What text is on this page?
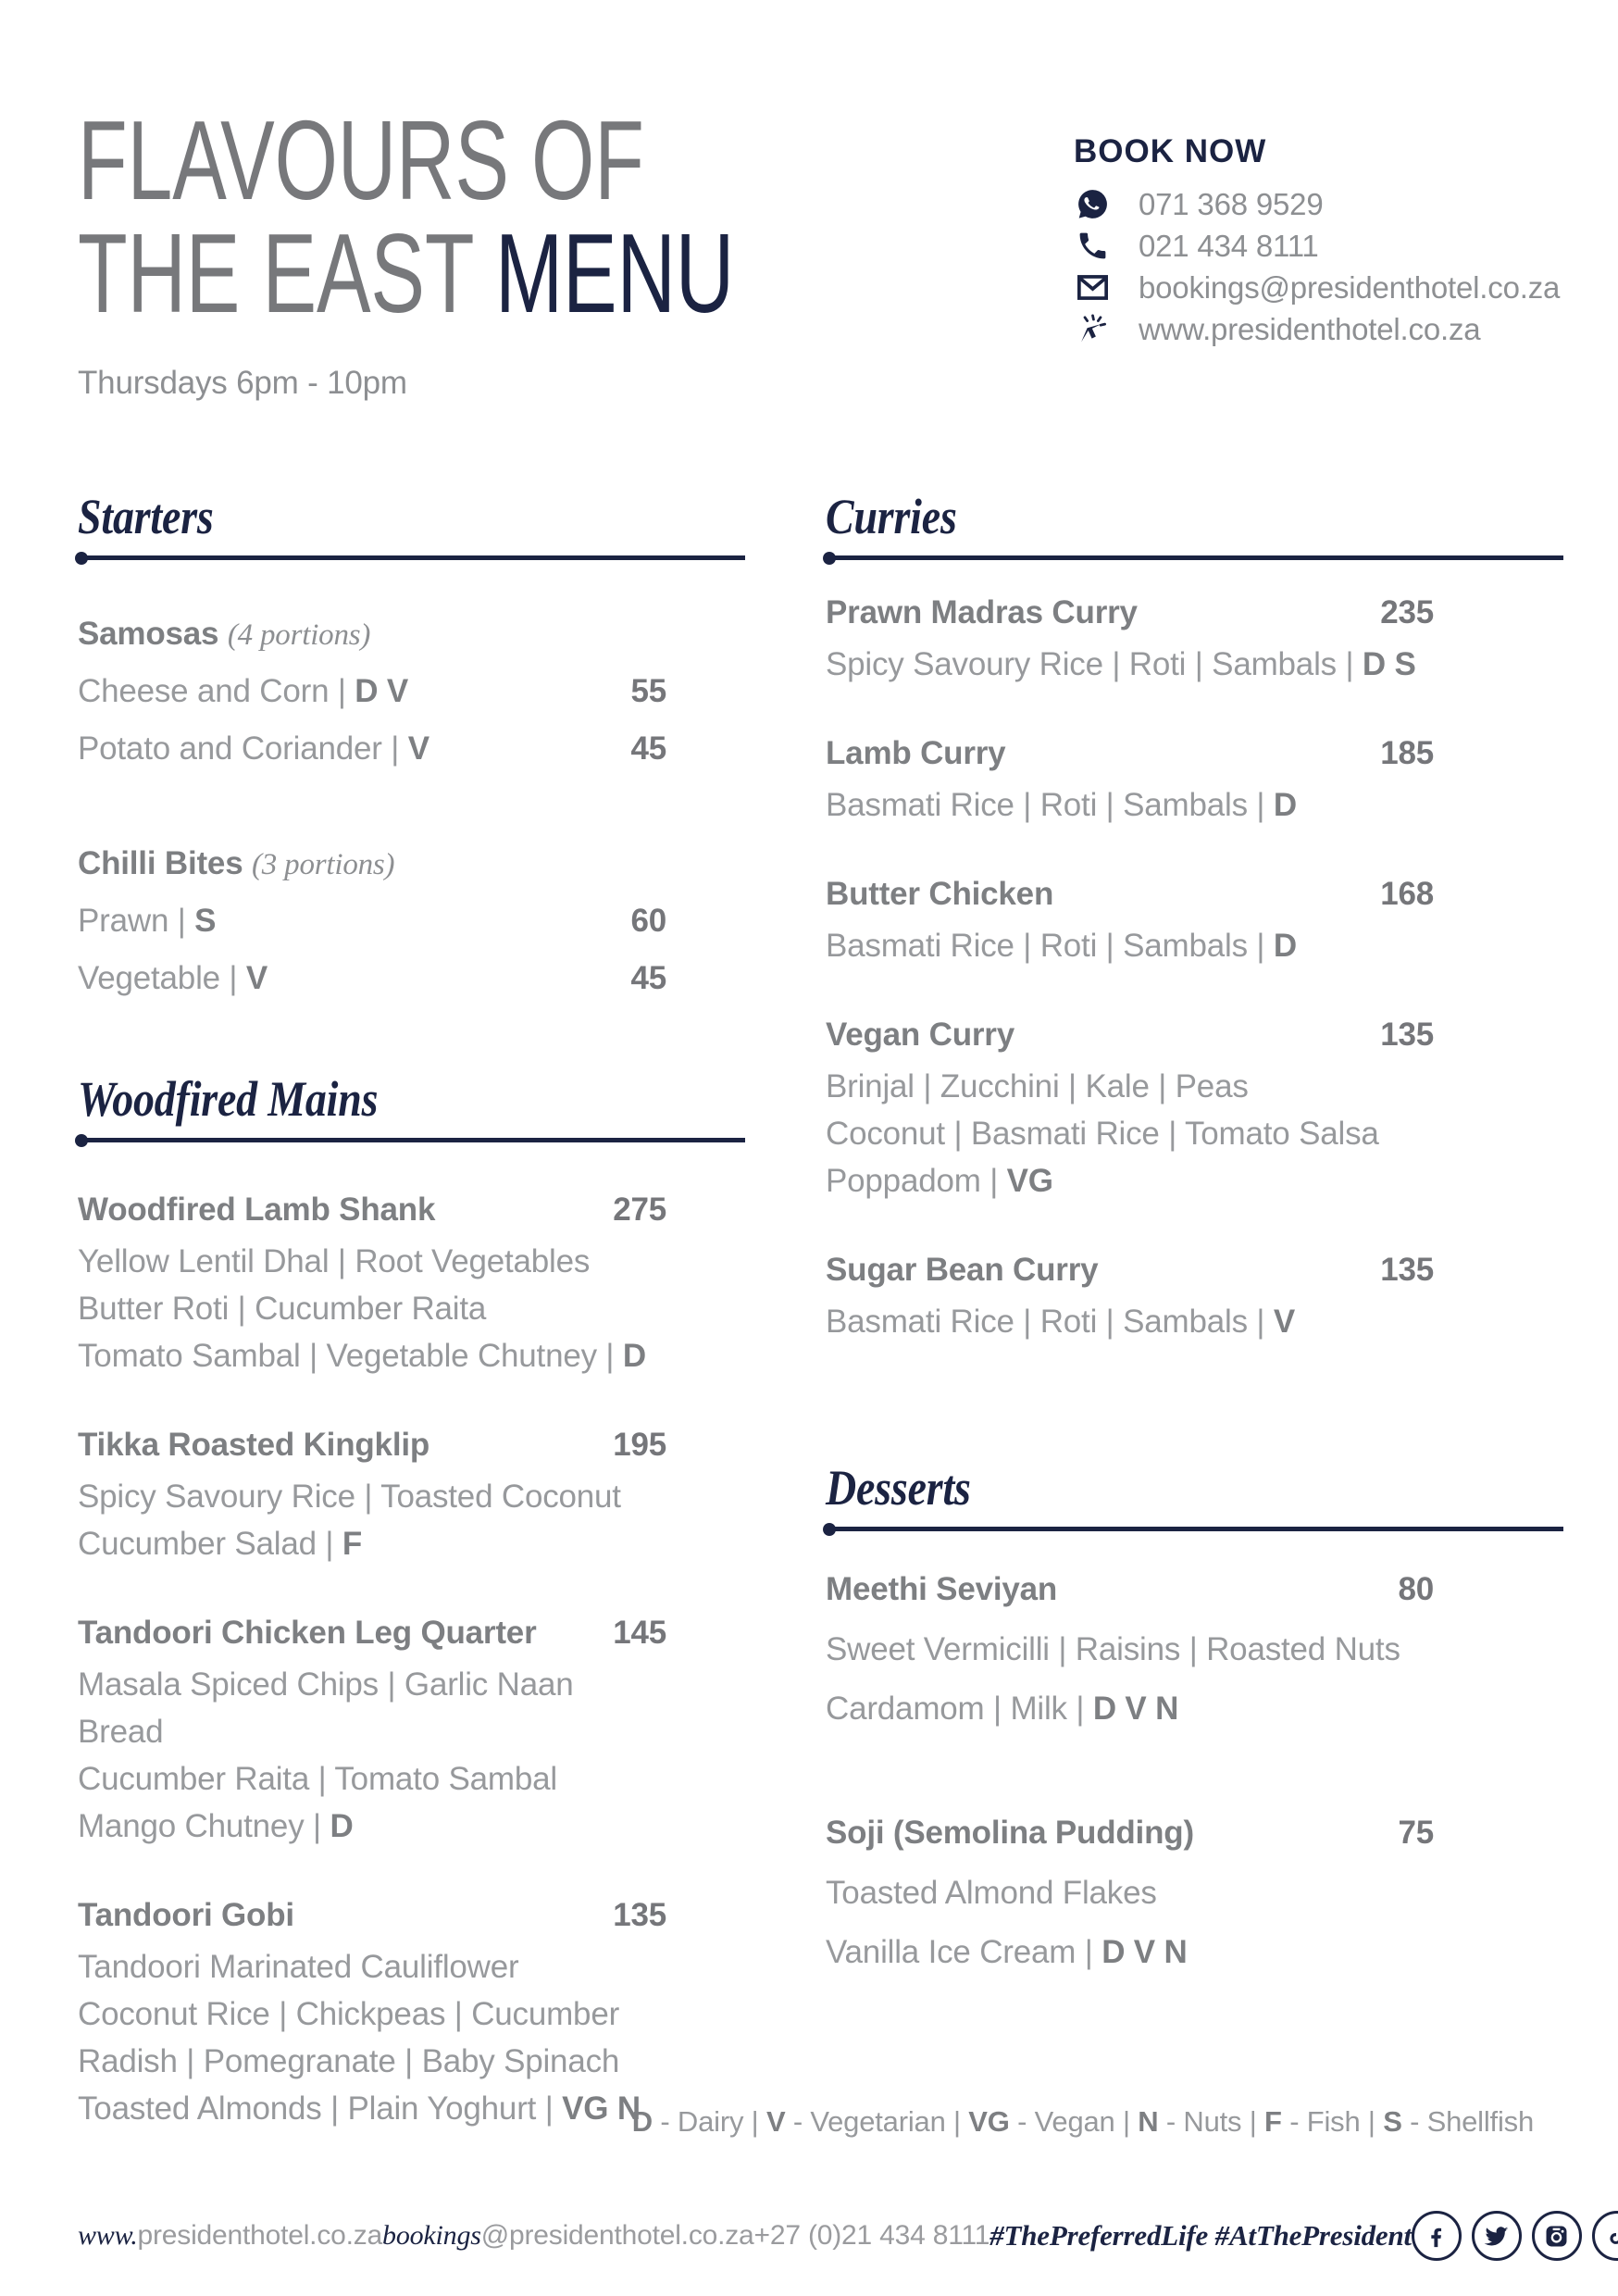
FLAVOURS OF
THE EAST MENU
Thursdays 6pm - 10pm
BOOK NOW
071 368 9529
021 434 8111
bookings@presidenthotel.co.za
www.presidenthotel.co.za
Starters
Samosas (4 portions)
Cheese and Corn | D V	55
Potato and Coriander | V	45
Chilli Bites (3 portions)
Prawn | S	60
Vegetable | V	45
Woodfired Mains
Woodfired Lamb Shank	275

Yellow Lentil Dhal | Root Vegetables

Butter Roti | Cucumber Raita

Tomato Sambal | Vegetable Chutney | D

Tikka Roasted Kingklip	195

Spicy Savoury Rice | Toasted Coconut

Cucumber Salad | F

Tandoori Chicken Leg Quarter 145

Masala Spiced Chips | Garlic Naan Bread

Cucumber Raita | Tomato Sambal

Mango Chutney | D

Tandoori Gobi	135

Tandoori Marinated Cauliflower

Coconut Rice | Chickpeas | Cucumber

Radish | Pomegranate | Baby Spinach

Toasted Almonds | Plain Yoghurt | VG N

Curries
Prawn Madras Curry	235

Spicy Savoury Rice | Roti | Sambals | D S

Lamb Curry	185

Basmati Rice | Roti | Sambals | D

Butter Chicken	168

Basmati Rice | Roti | Sambals | D

Vegan Curry	135

Brinjal | Zucchini | Kale | Peas

Coconut | Basmati Rice | Tomato Salsa

Poppadom | VG

Sugar Bean Curry	135

Basmati Rice | Roti | Sambals | V

Desserts
Meethi Seviyan	80

Sweet Vermicilli | Raisins | Roasted Nuts

Cardamom | Milk | D V N

Soji (Semolina Pudding)	75

Toasted Almond Flakes

Vanilla Ice Cream | D V N

D - Dairy | V - Vegetarian | VG - Vegan | N - Nuts | F - Fish | S - Shellfish
www.presidenthotel.co.za bookings@presidenthotel.co.za +27 (0)21 434 8111 #ThePreferredLife #AtThePresident
